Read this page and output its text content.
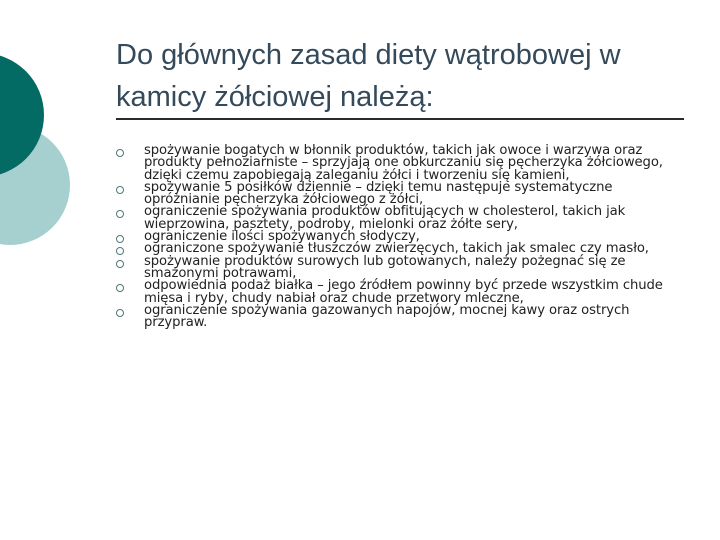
Do głównych zasad diety wątrobowej w kamicy żółciowej należą:
spożywanie bogatych w błonnik produktów, takich jak owoce i warzywa oraz produkty pełnoziarniste – sprzyjają one obkurczaniu się pęcherzyka żółciowego, dzięki czemu zapobiegają zaleganiu żółci i tworzeniu się kamieni,
spożywanie 5 posiłków dziennie – dzięki temu następuje systematyczne opróżnianie pęcherzyka żółciowego z żółci,
ograniczenie spożywania produktów obfitujących w cholesterol, takich jak wieprzowina, pasztety, podroby, mielonki oraz żółte sery,
ograniczenie ilości spożywanych słodyczy,
ograniczone spożywanie tłuszczów zwierzęcych, takich jak smalec czy masło,
spożywanie produktów surowych lub gotowanych, należy pożegnać się ze smażonymi potrawami,
odpowiednia podaż białka – jego źródłem powinny być przede wszystkim chude mięsa i ryby, chudy nabiał oraz chude przetwory mleczne,
ograniczenie spożywania gazowanych napojów, mocnej kawy oraz ostrych przypraw.
